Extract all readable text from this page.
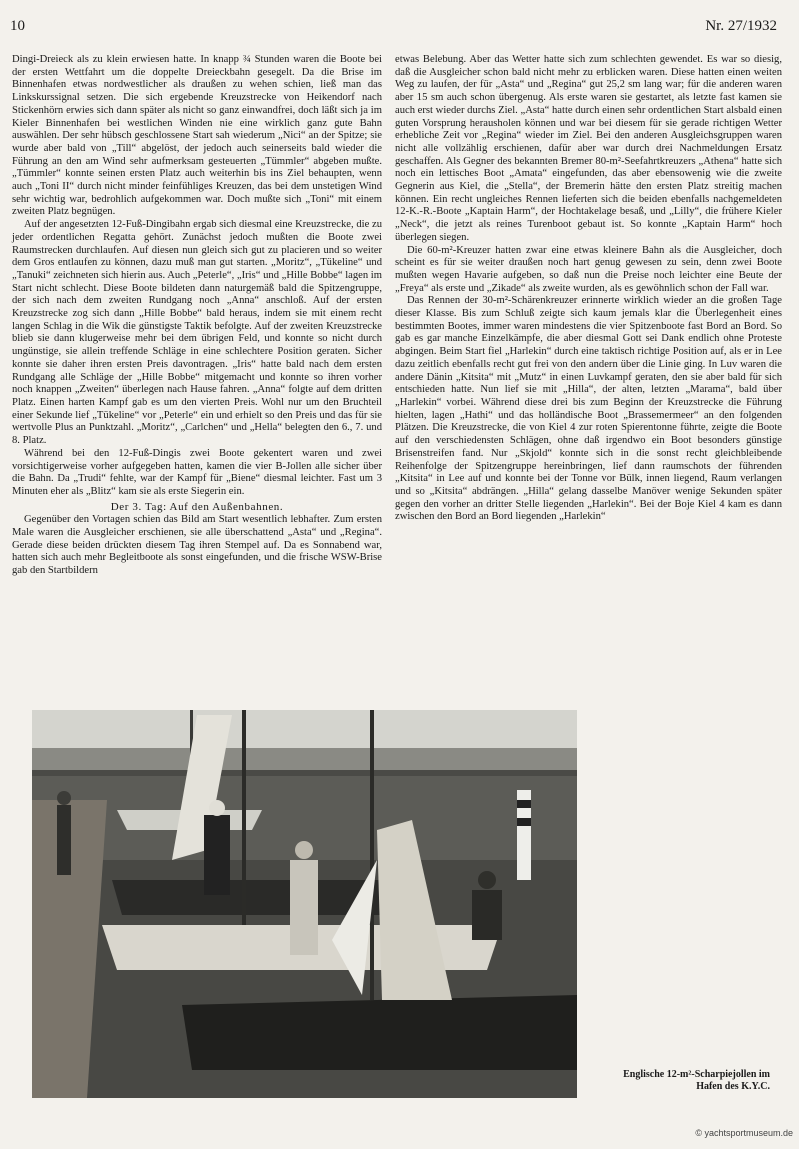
10	Nr. 27/1932

Dingi-Dreieck als zu klein erwiesen hatte. In knapp ¾ Stunden waren die Boote bei der ersten Wettfahrt um die doppelte Dreieckbahn gesegelt. Da die Brise im Binnenhafen etwas nordwestlicher als draußen zu wehen schien, ließ man das Linkskurssignal setzen. Die sich ergebende Kreuzstrecke von Heikendorf nach Stickenhörn erwies sich dann später als nicht so ganz einwandfrei, doch läßt sich ja im Kieler Binnenhafen bei westlichen Winden nie eine wirklich ganz gute Bahn auswählen. Der sehr hübsch geschlossene Start sah wiederum „Nici“ an der Spitze; sie wurde aber bald von „Till“ abgelöst, der jedoch auch seinerseits bald wieder die Führung an den am Wind sehr aufmerksam gesteuerten „Tümmler“ abgeben mußte. „Tümmler“ konnte seinen ersten Platz auch weiterhin bis ins Ziel behaupten, wenn auch „Toni II“ durch nicht minder feinfühliges Kreuzen, das bei dem unstetigen Wind sehr wichtig war, bedrohlich aufgekommen war. Doch mußte sich „Toni“ mit einem zweiten Platz begnügen.

Auf der angesetzten 12-Fuß-Dingibahn ergab sich diesmal eine Kreuzstrecke, die zu jeder ordentlichen Regatta gehört. Zunächst jedoch mußten die Boote zwei Raumstrecken durchlaufen. Auf diesen nun gleich sich gut zu placieren und so weiter dem Gros entlaufen zu können, dazu muß man gut starten. „Moritz“, „Tükeline“ und „Tanuki“ zeichneten sich hierin aus. Auch „Peterle“, „Iris“ und „Hille Bobbe“ lagen im Start nicht schlecht. Diese Boote bildeten dann naturgemäß bald die Spitzengruppe, der sich nach dem zweiten Rundgang noch „Anna“ anschloß. Auf der ersten Kreuzstrecke zog sich dann „Hille Bobbe“ bald heraus, indem sie mit einem recht langen Schlag in die Wik die günstigste Taktik befolgte. Auf der zweiten Kreuzstrecke blieb sie dann klugerweise mehr bei dem übrigen Feld, und konnte so nicht durch ungünstige, sie allein treffende Schläge in eine schlechtere Position geraten. Sicher konnte sie daher ihren ersten Preis davontragen. „Iris“ hatte bald nach dem ersten Rundgang alle Schläge der „Hille Bobbe“ mitgemacht und konnte so ihren vorher noch knappen „Zweiten“ überlegen nach Hause fahren. „Anna“ folgte auf dem dritten Platz. Einen harten Kampf gab es um den vierten Preis. Wohl nur um den Bruchteil einer Sekunde lief „Tükeline“ vor „Peterle“ ein und erhielt so den Preis und das für sie wertvolle Plus an Punktzahl. „Moritz“, „Carlchen“ und „Hella“ belegten den 6., 7. und 8. Platz.

Während bei den 12-Fuß-Dingis zwei Boote gekentert waren und zwei vorsichtigerweise vorher aufgegeben hatten, kamen die vier B-Jollen alle sicher über die Bahn. Da „Trudi“ fehlte, war der Kampf für „Biene“ diesmal leichter. Fast um 3 Minuten eher als „Blitz“ kam sie als erste Siegerin ein.

Der 3. Tag: Auf den Außenbahnen.

Gegenüber den Vortagen schien das Bild am Start wesentlich lebhafter. Zum ersten Male waren die Ausgleicher erschienen, sie alle überschattend „Asta“ und „Regina“. Gerade diese beiden drückten diesem Tag ihren Stempel auf. Da es Sonnabend war, hatten sich auch mehr Begleitboote als sonst eingefunden, und die frische WSW-Brise gab den Startbildern

etwas Belebung. Aber das Wetter hatte sich zum schlechten gewendet. Es war so diesig, daß die Ausgleicher schon bald nicht mehr zu erblicken waren. Diese hatten einen weiten Weg zu laufen, der für „Asta“ und „Regina“ gut 25,2 sm lang war; für die anderen waren aber 15 sm auch schon übergenug. Als erste waren sie gestartet, als letzte fast kamen sie auch erst wieder durchs Ziel. „Asta“ hatte durch einen sehr ordentlichen Start alsbald einen guten Vorsprung herausholen können und war bei diesem für sie gerade richtigen Wetter erhebliche Zeit vor „Regina“ wieder im Ziel. Bei den anderen Ausgleichsgruppen waren nicht alle vollzählig erschienen, dafür aber war durch drei Nachmeldungen Ersatz geschaffen. Als Gegner des bekannten Bremer 80-m²-Seefahrtkreuzers „Athena“ hatte sich noch ein lettisches Boot „Amata“ eingefunden, das aber ebensowenig wie die zweite Gegnerin aus Kiel, die „Stella“, der Bremerin hätte den ersten Platz streitig machen können. Ein recht ungleiches Rennen lieferten sich die beiden ebenfalls nachgemeldeten 12-K.-R.-Boote „Kaptain Harm“, der Hochtakelage besaß, und „Lilly“, die frühere Kieler „Neck“, die jetzt als reines Turenboot gebaut ist. So konnte „Kaptain Harm“ hoch überlegen siegen.

Die 60-m²-Kreuzer hatten zwar eine etwas kleinere Bahn als die Ausgleicher, doch scheint es für sie weiter draußen noch hart genug gewesen zu sein, denn zwei Boote mußten wegen Havarie aufgeben, so daß nun die Preise noch leichter eine Beute der „Freya“ als erste und „Zikade“ als zweite wurden, als es gewöhnlich schon der Fall war.

Das Rennen der 30-m²-Schärenkreuzer erinnerte wirklich wieder an die großen Tage dieser Klasse. Bis zum Schluß zeigte sich kaum jemals klar die Überlegenheit eines bestimmten Bootes, immer waren mindestens die vier Spitzenboote fast Bord an Bord. So gab es gar manche Einzelkämpfe, die aber diesmal Gott sei Dank endlich ohne Proteste abgingen. Beim Start fiel „Harlekin“ durch eine taktisch richtige Position auf, als er in Lee dazu zeitlich ebenfalls recht gut frei von den andern über die Linie ging. In Luv waren die andere Dänin „Kitsita“ mit „Mutz“ in einen Luvkampf geraten, den sie aber bald für sich entschieden hatte. Nun lief sie mit „Hilla“, der alten, letzten „Marama“, bald über „Harlekin“ vorbei. Während diese drei bis zum Beginn der Kreuzstrecke die Führung hielten, lagen „Hathi“ und das holländische Boot „Brassemermeer“ an den folgenden Plätzen. Die Kreuzstrecke, die von Kiel 4 zur roten Spierentonne führte, zeigte die Boote auf den verschiedensten Schlägen, ohne daß irgendwo ein Boot besonders günstige Brisenstreifen fand. Nur „Skjold“ konnte sich in die sonst recht gleichbleibende Reihenfolge der Spitzengruppe hereinbringen, lief dann raumschots der führenden „Kitsita“ in Lee auf und konnte bei der Tonne vor Bülk, innen liegend, Raum verlangen und so „Kitsita“ abdrängen. „Hilla“ gelang dasselbe Manöver wenige Sekunden später gegen den vorher an dritter Stelle liegenden „Harlekin“. Bei der Boje Kiel 4 kam es dann zwischen den Bord an Bord liegenden „Harlekin“

Englische 12-m²-Scharpiejollen im Hafen des K.Y.C.
© yachtsportmuseum.de
